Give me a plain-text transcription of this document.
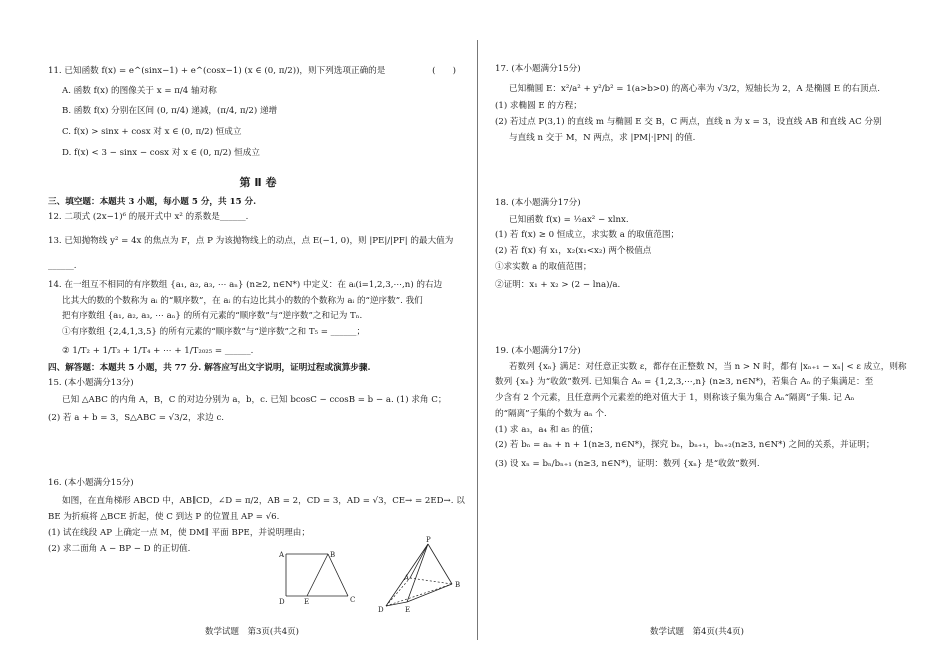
11. 已知函数 f(x) = e^(sinx−1) + e^(cosx−1) (x ∈ (0, π/2))，则下列选项正确的是	(　　)
A. 函数 f(x) 的图像关于 x = π/4 轴对称
B. 函数 f(x) 分别在区间 (0, π/4) 递减，(π/4, π/2) 递增
C. f(x) > sinx + cosx 对 x ∈ (0, π/2) 恒成立
D. f(x) < 3 − sinx − cosx 对 x ∈ (0, π/2) 恒成立
第 Ⅱ 卷
三、填空题：本题共 3 小题，每小题 5 分，共 15 分.
12. 二项式 (2x−1)⁶ 的展开式中 x² 的系数是______.
13. 已知抛物线 y² = 4x 的焦点为 F，点 P 为该抛物线上的动点，点 E(−1, 0)，则 |PE|/|PF| 的最大值为
______.
14. 在一组互不相同的有序数组 {a₁, a₂, a₃, ⋯ aₙ} (n≥2, n∈N*) 中定义：在 aᵢ(i=1,2,3,⋯,n) 的右边
比其大的数的个数称为 aᵢ 的“顺序数”，在 aᵢ 的右边比其小的数的个数称为 aᵢ 的“逆序数”. 我们
把有序数组 {a₁, a₂, a₃, ⋯ aₙ} 的所有元素的“顺序数”与“逆序数”之和记为 Tₙ.
①有序数组 {2,4,1,3,5} 的所有元素的“顺序数”与“逆序数”之和 T₅ = ______；
② 1/T₂ + 1/T₃ + 1/T₄ + ⋯ + 1/T₂₀₂₅ = ______.
四、解答题：本题共 5 小题，共 77 分. 解答应写出文字说明，证明过程或演算步骤.
15. (本小题满分13分)
已知 △ABC 的内角 A，B，C 的对边分别为 a，b，c. 已知 bcosC − ccosB = b − a. (1) 求角 C；
(2) 若 a + b = 3，S△ABC = √3/2，求边 c.
16. (本小题满分15分)
如图，在直角梯形 ABCD 中，AB∥CD，∠D = π/2，AB = 2，CD = 3，AD = √3，CE→ = 2ED→. 以
BE 为折痕将 △BCE 折起，使 C 到达 P 的位置且 AP = √6.
(1) 试在线段 AP 上确定一点 M，使 DM∥ 平面 BPE，并说明理由；
(2) 求二面角 A − BP − D 的正切值.
A	B
D	E	C
P
A
B
D	E
数学试题　第3页(共4页)
17. (本小题满分15分)
已知椭圆 E：x²/a² + y²/b² = 1(a>b>0) 的离心率为 √3/2，短轴长为 2，A 是椭圆 E 的右顶点.
(1) 求椭圆 E 的方程；
(2) 若过点 P(3,1) 的直线 m 与椭圆 E 交 B，C 两点，直线 n 为 x = 3，设直线 AB 和直线 AC 分别
与直线 n 交于 M，N 两点，求 |PM|·|PN| 的值.
18. (本小题满分17分)
已知函数 f(x) = ½ax² − xlnx.
(1) 若 f(x) ≥ 0 恒成立，求实数 a 的取值范围；
(2) 若 f(x) 有 x₁，x₂(x₁<x₂) 两个极值点
①求实数 a 的取值范围；
②证明：x₁ + x₂ > (2 − lna)/a.
19. (本小题满分17分)
若数列 {xₙ} 满足：对任意正实数 ε，都存在正整数 N，当 n > N 时，都有 |xₙ₊₁ − xₙ| < ε 成立，则称
数列 {xₙ} 为“收敛”数列. 已知集合 Aₙ = {1,2,3,⋯,n} (n≥3, n∈N*)，若集合 Aₙ 的子集满足：至
少含有 2 个元素，且任意两个元素差的绝对值大于 1，则称该子集为集合 Aₙ“隔离”子集. 记 Aₙ
的“隔离”子集的个数为 aₙ 个.
(1) 求 a₃，a₄ 和 a₅ 的值；
(2) 若 bₙ = aₙ + n + 1(n≥3, n∈N*)，探究 bₙ，bₙ₊₁，bₙ₊₂(n≥3, n∈N*) 之间的关系，并证明；
(3) 设 xₙ = bₙ/bₙ₊₁ (n≥3, n∈N*)，证明：数列 {xₙ} 是“收敛”数列.
数学试题　第4页(共4页)
